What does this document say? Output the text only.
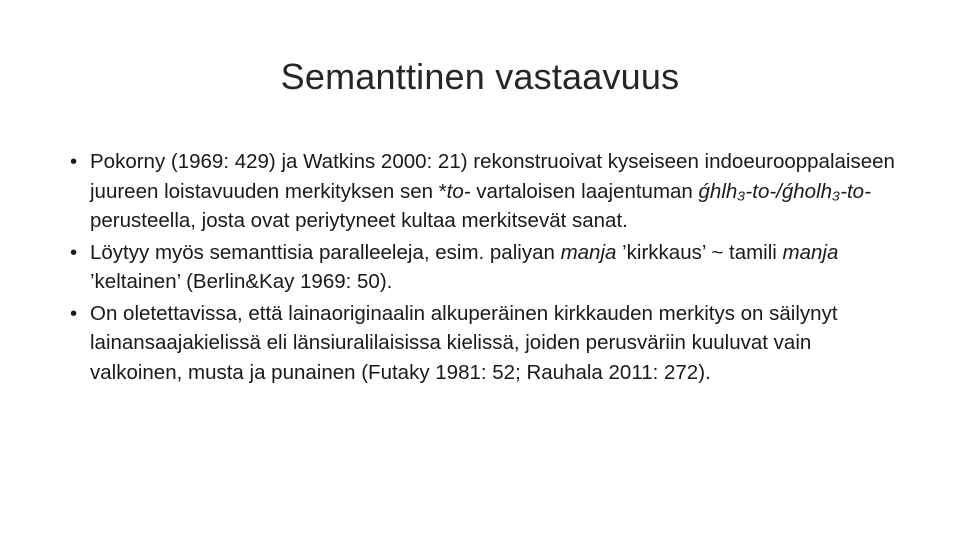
Semanttinen vastaavuus

• Pokorny (1969: 429) ja Watkins 2000: 21) rekonstruoivat kyseiseen indoeurooppalaiseen juureen loistavuuden merkityksen sen *to- vartaloisen laajentuman ǵhlh₃-to-/ǵholh₃-to- perusteella, josta ovat periytyneet kultaa merkitsevät sanat.

• Löytyy myös semanttisia paralleeleja, esim. paliyan manja ’kirkkaus’ ~ tamili manja ’keltainen’ (Berlin&Kay 1969: 50).

• On oletettavissa, että lainaoriginaalin alkuperäinen kirkkauden merkitys on säilynyt lainansaajakielissä eli länsiuralilaisissa kielissä, joiden perusväriin kuuluvat vain valkoinen, musta ja punainen (Futaky 1981: 52; Rauhala 2011: 272).
